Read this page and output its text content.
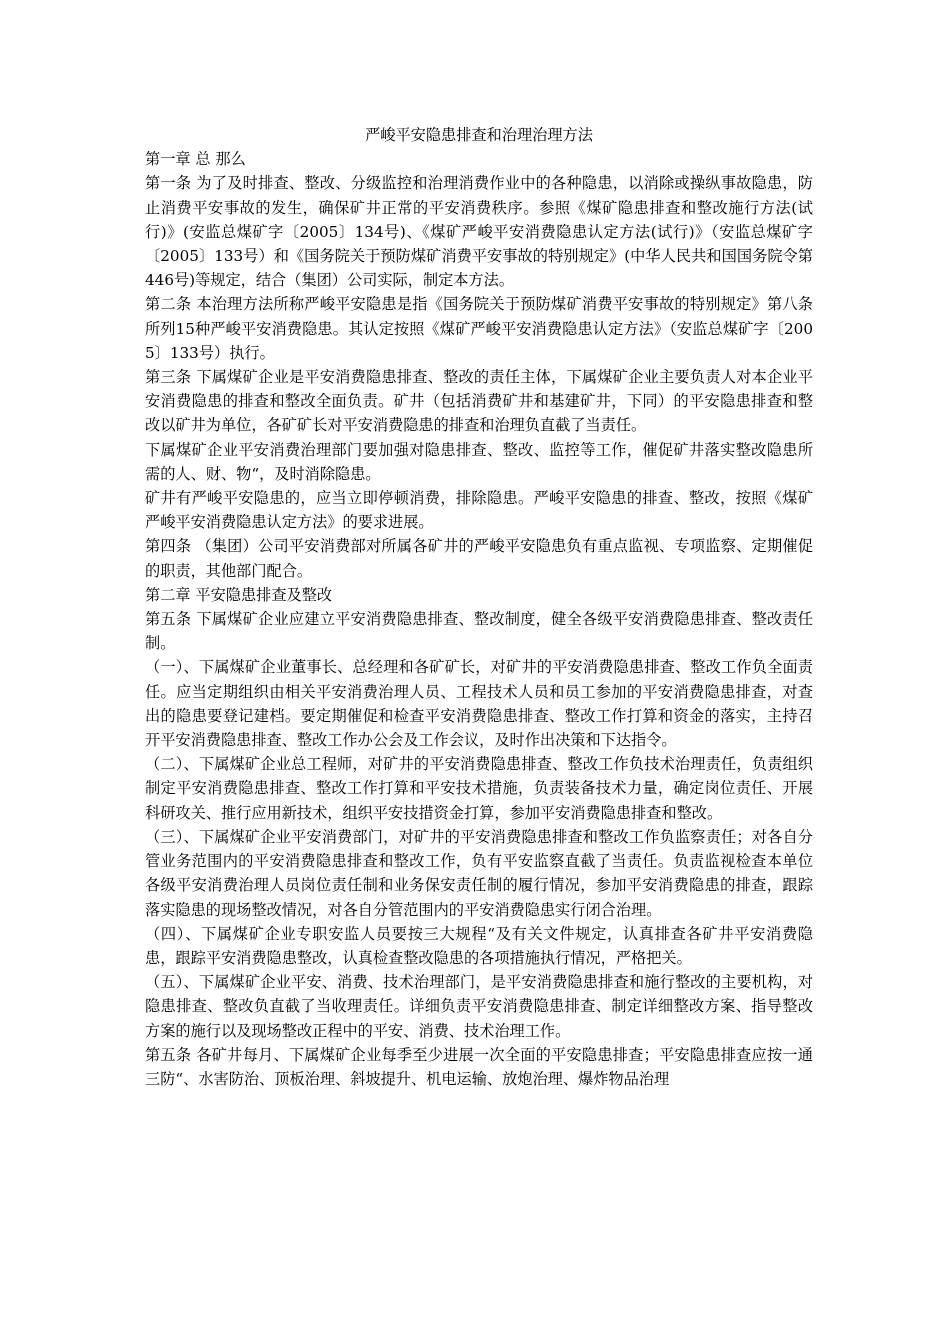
严峻平安隐患排查和治理治理方法

第一章 总 那么

第一条 为了及时排查、整改、分级监控和治理消费作业中的各种隐患，以消除或操纵事故隐患，防止消费平安事故的发生，确保矿井正常的平安消费秩序。参照《煤矿隐患排查和整改施行方法(试行)》(安监总煤矿字〔2005〕134号)、《煤矿严峻平安消费隐患认定方法(试行)》（安监总煤矿字〔2005〕133号）和《国务院关于预防煤矿消费平安事故的特别规定》(中华人民共和国国务院令第446号)等规定，结合（集团）公司实际，制定本方法。

第二条 本治理方法所称严峻平安隐患是指《国务院关于预防煤矿消费平安事故的特别规定》第八条所列15种严峻平安消费隐患。其认定按照《煤矿严峻平安消费隐患认定方法》（安监总煤矿字〔2005〕133号）执行。

第三条 下属煤矿企业是平安消费隐患排查、整改的责任主体，下属煤矿企业主要负责人对本企业平安消费隐患的排查和整改全面负责。矿井（包括消费矿井和基建矿井，下同）的平安隐患排查和整改以矿井为单位，各矿矿长对平安消费隐患的排查和治理负直截了当责任。

下属煤矿企业平安消费治理部门要加强对隐患排查、整改、监控等工作，催促矿井落实整改隐患所需的人、财、物“，及时消除隐患。

矿井有严峻平安隐患的，应当立即停顿消费，排除隐患。严峻平安隐患的排查、整改，按照《煤矿严峻平安消费隐患认定方法》的要求进展。

第四条 （集团）公司平安消费部对所属各矿井的严峻平安隐患负有重点监视、专项监察、定期催促的职责，其他部门配合。

第二章 平安隐患排查及整改

第五条 下属煤矿企业应建立平安消费隐患排查、整改制度，健全各级平安消费隐患排查、整改责任制。

（一）、下属煤矿企业董事长、总经理和各矿矿长，对矿井的平安消费隐患排查、整改工作负全面责任。应当定期组织由相关平安消费治理人员、工程技术人员和员工参加的平安消费隐患排查，对查出的隐患要登记建档。要定期催促和检查平安消费隐患排查、整改工作打算和资金的落实，主持召开平安消费隐患排查、整改工作办公会及工作会议，及时作出决策和下达指令。

（二）、下属煤矿企业总工程师，对矿井的平安消费隐患排查、整改工作负技术治理责任，负责组织制定平安消费隐患排查、整改工作打算和平安技术措施，负责装备技术力量，确定岗位责任、开展科研攻关、推行应用新技术，组织平安技措资金打算，参加平安消费隐患排查和整改。

（三）、下属煤矿企业平安消费部门，对矿井的平安消费隐患排查和整改工作负监察责任；对各自分管业务范围内的平安消费隐患排查和整改工作，负有平安监察直截了当责任。负责监视检查本单位各级平安消费治理人员岗位责任制和业务保安责任制的履行情况，参加平安消费隐患的排查，跟踪落实隐患的现场整改情况，对各自分管范围内的平安消费隐患实行闭合治理。

（四）、下属煤矿企业专职安监人员要按三大规程“及有关文件规定，认真排查各矿井平安消费隐患，跟踪平安消费隐患整改，认真检查整改隐患的各项措施执行情况，严格把关。

（五）、下属煤矿企业平安、消费、技术治理部门，是平安消费隐患排查和施行整改的主要机构，对隐患排查、整改负直截了当收理责任。详细负责平安消费隐患排查、制定详细整改方案、指导整改方案的施行以及现场整改正程中的平安、消费、技术治理工作。

第五条 各矿井每月、下属煤矿企业每季至少进展一次全面的平安隐患排查；平安隐患排查应按一通三防“、水害防治、顶板治理、斜坡提升、机电运输、放炮治理、爆炸物品治理
